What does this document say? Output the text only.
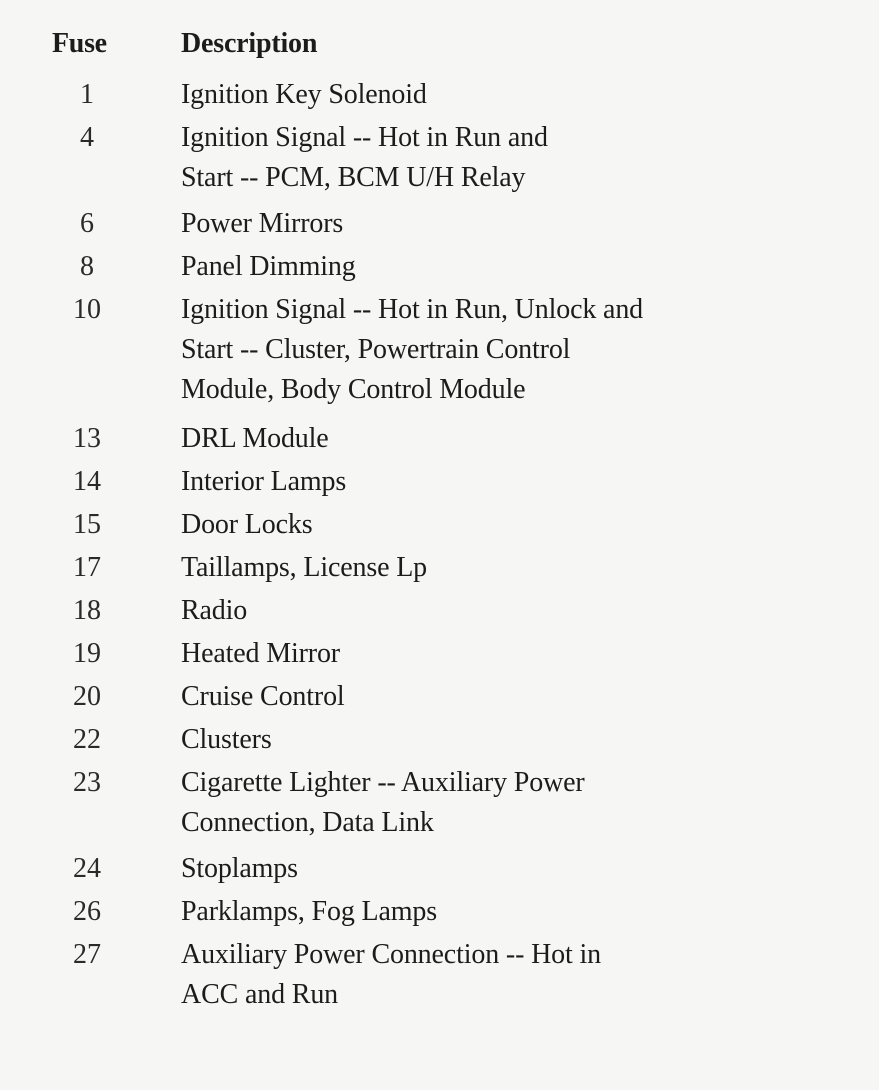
Fuse	Description
1	Ignition Key Solenoid
4	Ignition Signal -- Hot in Run and
Start -- PCM, BCM U/H Relay
6	Power Mirrors
8	Panel Dimming
10	Ignition Signal -- Hot in Run, Unlock and
Start -- Cluster, Powertrain Control
Module, Body Control Module
13	DRL Module
14	Interior Lamps
15	Door Locks
17	Taillamps, License Lp
18	Radio
19	Heated Mirror
20	Cruise Control
22	Clusters
23	Cigarette Lighter -- Auxiliary Power
Connection, Data Link
24	Stoplamps
26	Parklamps, Fog Lamps
27	Auxiliary Power Connection -- Hot in
ACC and Run
